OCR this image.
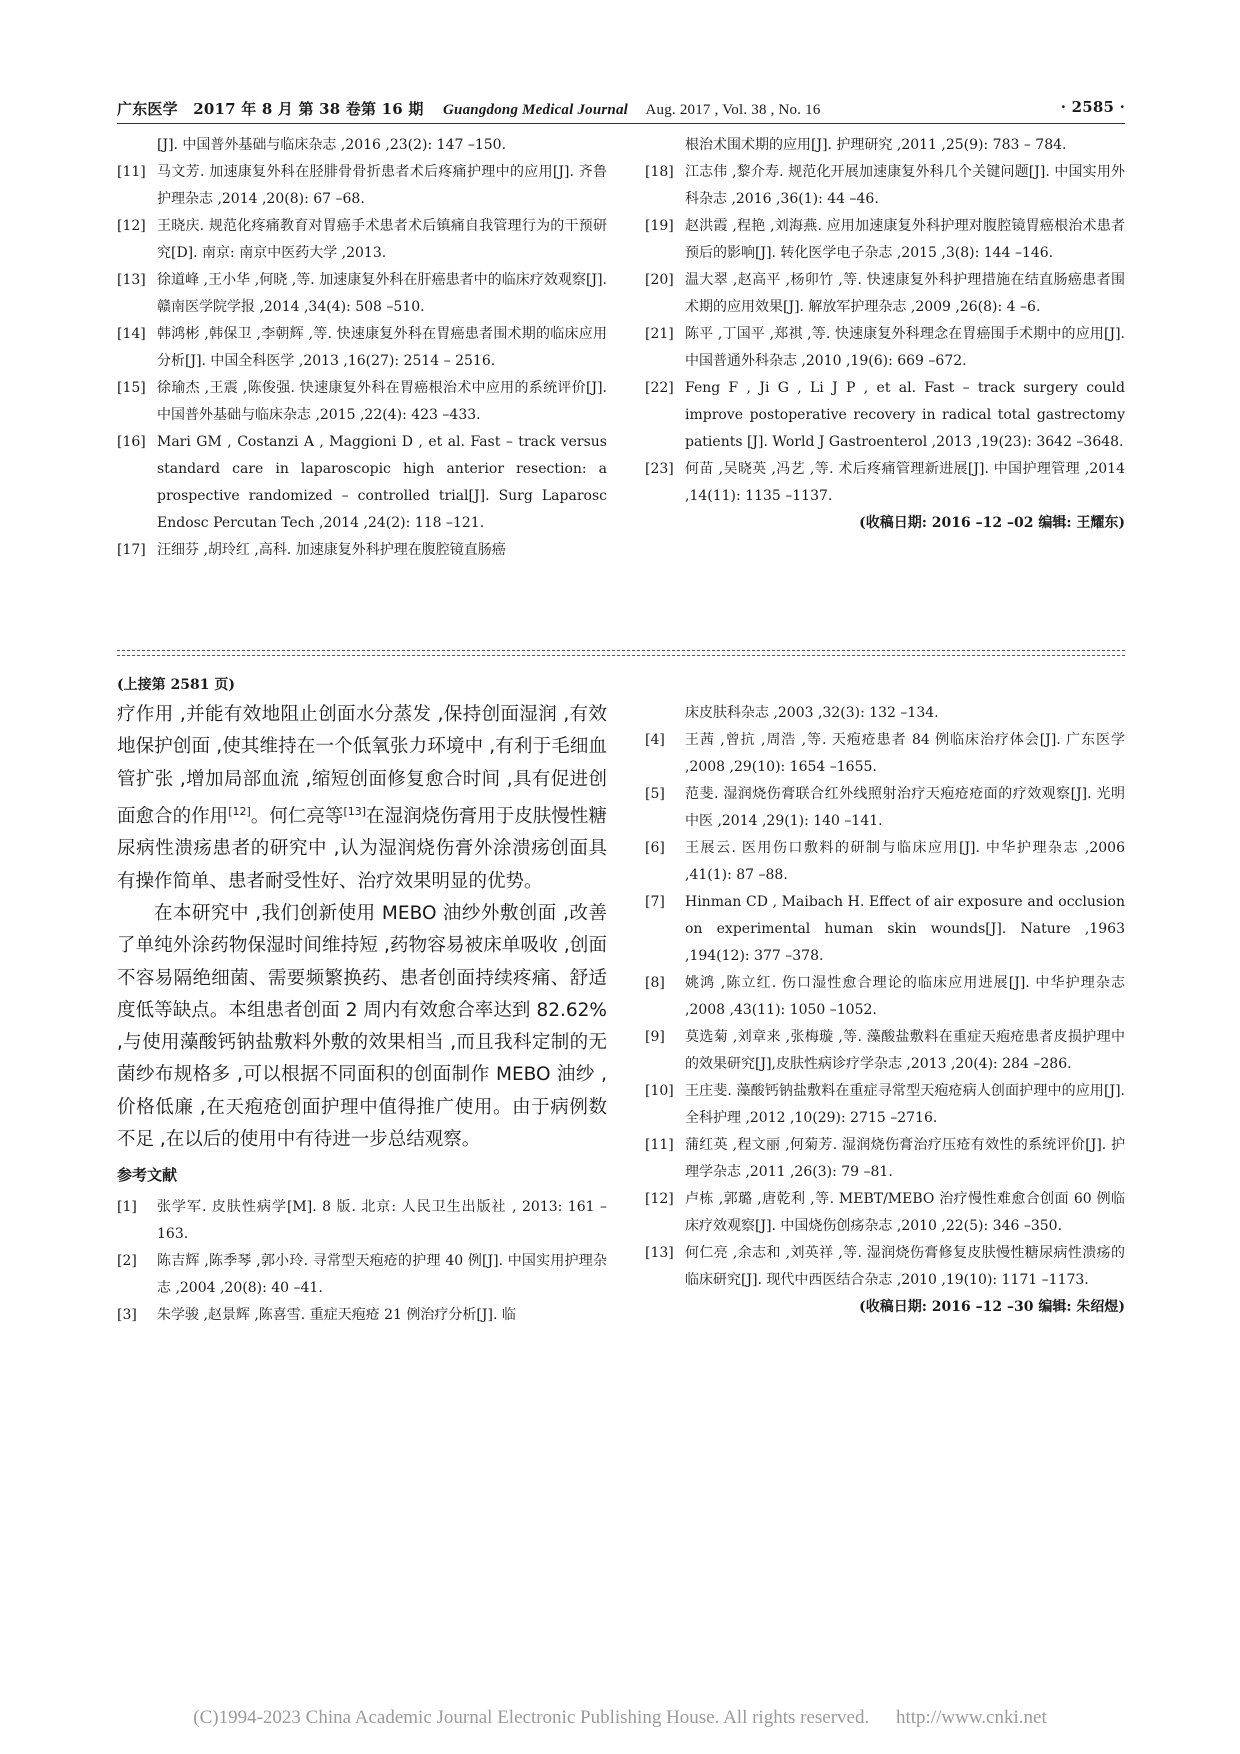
广东医学 2017 年 8 月 第 38 卷第 16 期 Guangdong Medical Journal Aug. 2017 , Vol. 38 , No. 16	· 2585 ·
[J]. 中国普外基础与临床杂志 ,2016 ,23(2): 147 –150.
[11] 马文芳. 加速康复外科在胫腓骨骨折患者术后疼痛护理中的应用[J]. 齐鲁护理杂志 ,2014 ,20(8): 67 –68.
[12] 王晓庆. 规范化疼痛教育对胃癌手术患者术后镇痛自我管理行为的干预研究[D]. 南京: 南京中医药大学 ,2013.
[13] 徐道峰 ,王小华 ,何晓 ,等. 加速康复外科在肝癌患者中的临床疗效观察[J]. 赣南医学院学报 ,2014 ,34(4): 508 –510.
[14] 韩鸿彬 ,韩保卫 ,李朝辉 ,等. 快速康复外科在胃癌患者围术期的临床应用分析[J]. 中国全科医学 ,2013 ,16(27): 2514 – 2516.
[15] 徐瑜杰 ,王震 ,陈俊强. 快速康复外科在胃癌根治术中应用的系统评价[J]. 中国普外基础与临床杂志 ,2015 ,22(4): 423 –433.
[16] Mari GM , Costanzi A , Maggioni D , et al. Fast – track versus standard care in laparoscopic high anterior resection: a prospective randomized – controlled trial[J]. Surg Laparosc Endosc Percutan Tech ,2014 ,24(2): 118 –121.
[17] 汪细芬 ,胡玲红 ,高科. 加速康复外科护理在腹腔镜直肠癌
根治术围术期的应用[J]. 护理研究 ,2011 ,25(9): 783 – 784.
[18] 江志伟 ,黎介寿. 规范化开展加速康复外科几个关键问题[J]. 中国实用外科杂志 ,2016 ,36(1): 44 –46.
[19] 赵洪霞 ,程艳 ,刘海燕. 应用加速康复外科护理对腹腔镜胃癌根治术患者预后的影响[J]. 转化医学电子杂志 ,2015 ,3(8): 144 –146.
[20] 温大翠 ,赵高平 ,杨卯竹 ,等. 快速康复外科护理措施在结直肠癌患者围术期的应用效果[J]. 解放军护理杂志 ,2009 ,26(8): 4 –6.
[21] 陈平 ,丁国平 ,郑祺 ,等. 快速康复外科理念在胃癌围手术期中的应用[J]. 中国普通外科杂志 ,2010 ,19(6): 669 –672.
[22] Feng F , Ji G , Li J P , et al. Fast – track surgery could improve postoperative recovery in radical total gastrectomy patients [J]. World J Gastroenterol ,2013 ,19(23): 3642 –3648.
[23] 何苗 ,吴晓英 ,冯艺 ,等. 术后疼痛管理新进展[J]. 中国护理管理 ,2014 ,14(11): 1135 –1137.
(收稿日期: 2016 –12 –02 编辑: 王耀东)
(上接第 2581 页)

疗作用 ,并能有效地阻止创面水分蒸发 ,保持创面湿润 ,有效地保护创面 ,使其维持在一个低氧张力环境中 ,有利于毛细血管扩张 ,增加局部血流 ,缩短创面修复愈合时间 ,具有促进创面愈合的作用[12]。何仁亮等[13]在湿润烧伤膏用于皮肤慢性糖尿病性溃疡患者的研究中 ,认为湿润烧伤膏外涂溃疡创面具有操作简单、患者耐受性好、治疗效果明显的优势。

在本研究中 ,我们创新使用 MEBO 油纱外敷创面 ,改善了单纯外涂药物保湿时间维持短 ,药物容易被床单吸收 ,创面不容易隔绝细菌、需要频繁换药、患者创面持续疼痛、舒适度低等缺点。本组患者创面 2 周内有效愈合率达到 82.62% ,与使用藻酸钙钠盐敷料外敷的效果相当 ,而且我科定制的无菌纱布规格多 ,可以根据不同面积的创面制作 MEBO 油纱 ,价格低廉 ,在天疱疮创面护理中值得推广使用。由于病例数不足 ,在以后的使用中有待进一步总结观察。

参考文献
[1] 张学军. 皮肤性病学[M]. 8 版. 北京: 人民卫生出版社 , 2013: 161 –163.
[2] 陈吉辉 ,陈季琴 ,郭小玲. 寻常型天疱疮的护理 40 例[J]. 中国实用护理杂志 ,2004 ,20(8): 40 –41.
[3] 朱学骏 ,赵景辉 ,陈喜雪. 重症天疱疮 21 例治疗分析[J]. 临
床皮肤科杂志 ,2003 ,32(3): 132 –134.
[4] 王茜 ,曾抗 ,周浩 ,等. 天疱疮患者 84 例临床治疗体会[J]. 广东医学 ,2008 ,29(10): 1654 –1655.
[5] 范斐. 湿润烧伤膏联合红外线照射治疗天疱疮疮面的疗效观察[J]. 光明中医 ,2014 ,29(1): 140 –141.
[6] 王展云. 医用伤口敷料的研制与临床应用[J]. 中华护理杂志 ,2006 ,41(1): 87 –88.
[7] Hinman CD , Maibach H. Effect of air exposure and occlusion on experimental human skin wounds[J]. Nature ,1963 ,194(12): 377 –378.
[8] 姚鸿 ,陈立红. 伤口湿性愈合理论的临床应用进展[J]. 中华护理杂志 ,2008 ,43(11): 1050 –1052.
[9] 莫选菊 ,刘章来 ,张梅璇 ,等. 藻酸盐敷料在重症天疱疮患者皮损护理中的效果研究[J],皮肤性病诊疗学杂志 ,2013 ,20(4): 284 –286.
[10] 王庄斐. 藻酸钙钠盐敷料在重症寻常型天疱疮病人创面护理中的应用[J]. 全科护理 ,2012 ,10(29): 2715 –2716.
[11] 蒲红英 ,程文丽 ,何菊芳. 湿润烧伤膏治疗压疮有效性的系统评价[J]. 护理学杂志 ,2011 ,26(3): 79 –81.
[12] 卢栋 ,郭璐 ,唐乾利 ,等. MEBT/MEBO 治疗慢性难愈合创面 60 例临床疗效观察[J]. 中国烧伤创疡杂志 ,2010 ,22(5): 346 –350.
[13] 何仁亮 ,余志和 ,刘英祥 ,等. 湿润烧伤膏修复皮肤慢性糖尿病性溃疡的临床研究[J]. 现代中西医结合杂志 ,2010 ,19(10): 1171 –1173.
(收稿日期: 2016 –12 –30 编辑: 朱绍煜)
(C)1994-2023 China Academic Journal Electronic Publishing House. All rights reserved. http://www.cnki.net
